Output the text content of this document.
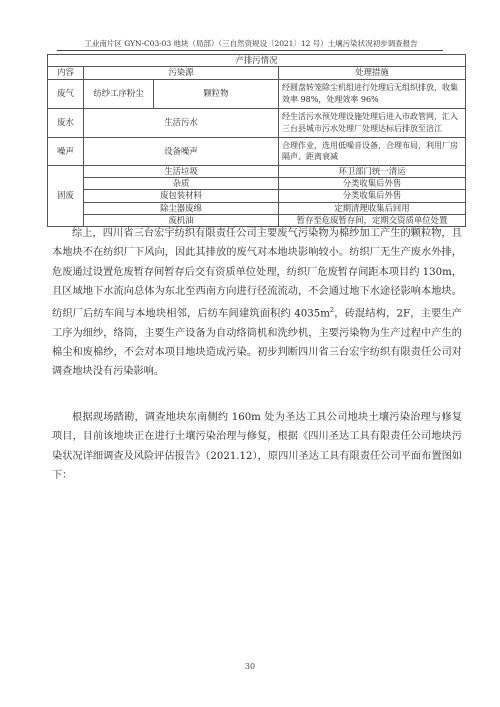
工业南片区 GYN-C03-03 地块（局部）（三自然资规设〔2021〕12 号）土壤污染状况初步调查报告
产排污情况			
内容	污染源		处理措施
废气	纺纱工序粉尘	颗粒物	经圆盘转笼除尘机组进行处理后无组织排放，收集效率 98%，处理效率 96%
废水	生活污水		经生活污水预处理设施处理后进入市政管网，汇入三台县城市污水处理厂处理达标后排放至涪江
噪声	设备噪声		合理作业，选用低噪音设备，合理布局，利用厂房隔声、距离衰减
固废	生活垃圾		环卫部门统一清运
	杂质		分类收集后外售
	废包装材料		分类收集后外售
	除尘器废绵		定期清理收集后回用
	废机油		暂存至危废暂存间，定期交资质单位处置

综上，四川省三台宏宇纺织有限责任公司主要废气污染物为棉纱加工产生的颗粒物，且本地块不在纺织厂下风向，因此其排放的废气对本地块影响较小。纺织厂无生产废水外排，危废通过设置危废暂存间暂存后交有资质单位处理，纺织厂危废暂存间距本项目约 130m，且区域地下水流向总体为东北至西南方向进行径流流动，不会通过地下水途径影响本地块。纺织厂后纺车间与本地块相邻，后纺车间建筑面积约 $4035m^2$，砖混结构，2F，主要生产工序为细纱，络筒，主要生产设备为自动络筒机和洗纱机，主要污染物为生产过程中产生的棉尘和废棉纱，不会对本项目地块造成污染。初步判断四川省三台宏宇纺织有限责任公司对调查地块没有污染影响。

根据现场踏勘，调查地块东南侧约 160m 处为圣达工具公司地块土壤污染治理与修复项目，目前该地块正在进行土壤污染治理与修复，根据《四川圣达工具有限责任公司地块污染状况详细调查及风险评估报告》（2021.12），原四川圣达工具有限责任公司平面布置图如下：

30
